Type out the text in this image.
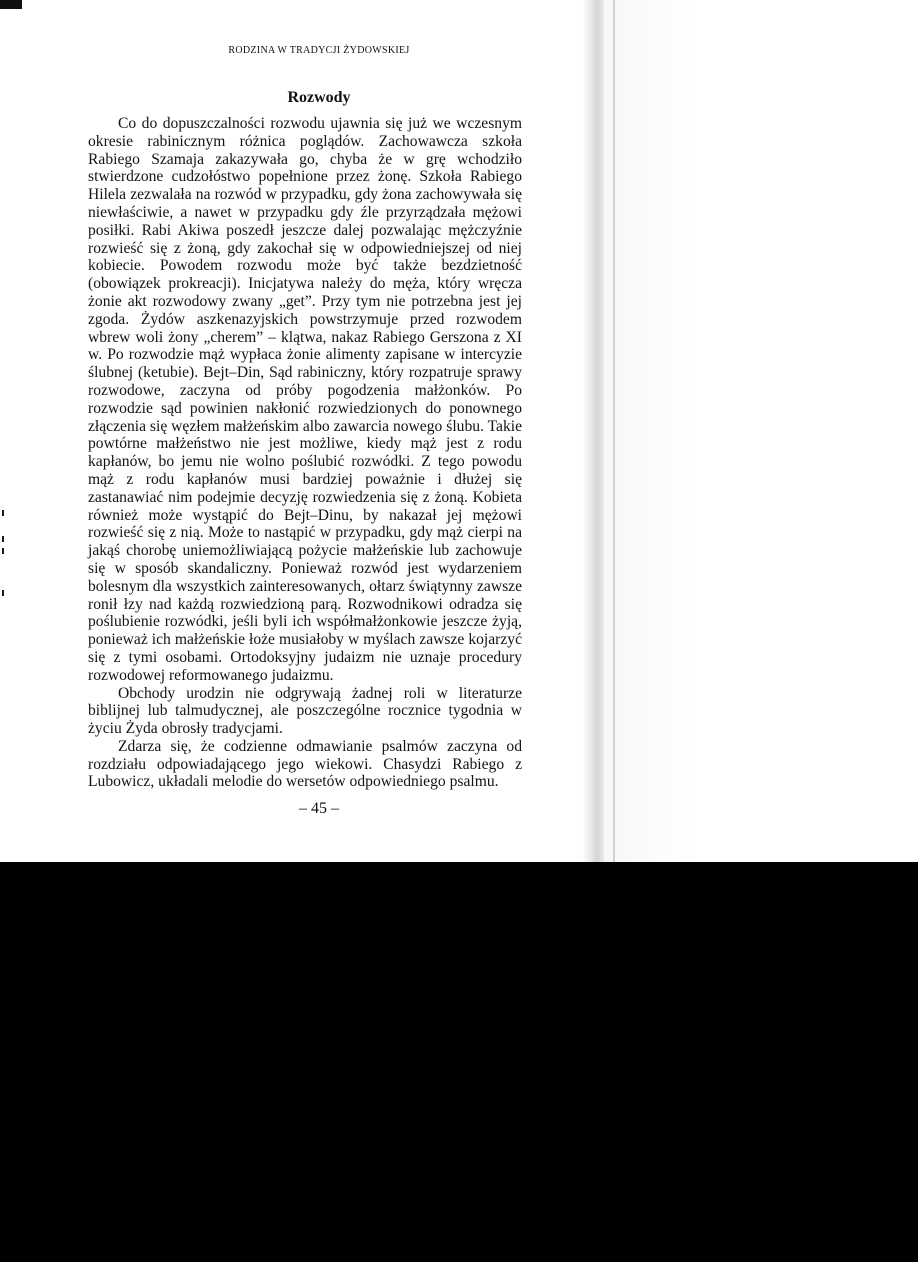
RODZINA W TRADYCJI ŻYDOWSKIEJ
Rozwody

Co do dopuszczalności rozwodu ujawnia się już we wczesnym okresie rabinicznym różnica poglądów. Zachowawcza szkoła Rabiego Szamaja zakazywała go, chyba że w grę wchodziło stwierdzone cudzołóstwo popełnione przez żonę. Szkoła Rabiego Hilela zezwalała na rozwód w przypadku, gdy żona zachowywała się niewłaściwie, a nawet w przypadku gdy źle przyrządzała mężowi posiłki. Rabi Akiwa poszedł jeszcze dalej pozwalając mężczyźnie rozwieść się z żoną, gdy zakochał się w odpowiedniejszej od niej kobiecie. Powodem rozwodu może być także bezdzietność (obowiązek prokreacji). Inicjatywa należy do męża, który wręcza żonie akt rozwodowy zwany „get”. Przy tym nie potrzebna jest jej zgoda. Żydów aszkenazyjskich powstrzymuje przed rozwodem wbrew woli żony „cherem” – klątwa, nakaz Rabiego Gerszona z XI w. Po rozwodzie mąż wypłaca żonie alimenty zapisane w intercyzie ślubnej (ketubie). Bejt–Din, Sąd rabiniczny, który rozpatruje sprawy rozwodowe, zaczyna od próby pogodzenia małżonków. Po rozwodzie sąd powinien nakłonić rozwiedzionych do ponownego złączenia się węzłem małżeńskim albo zawarcia nowego ślubu. Takie powtórne małżeństwo nie jest możliwe, kiedy mąż jest z rodu kapłanów, bo jemu nie wolno poślubić rozwódki. Z tego powodu mąż z rodu kapłanów musi bardziej poważnie i dłużej się zastanawiać nim podejmie decyzję rozwiedzenia się z żoną. Kobieta również może wystąpić do Bejt–Dinu, by nakazał jej mężowi rozwieść się z nią. Może to nastąpić w przypadku, gdy mąż cierpi na jakąś chorobę uniemożliwiającą pożycie małżeńskie lub zachowuje się w sposób skandaliczny. Ponieważ rozwód jest wydarzeniem bolesnym dla wszystkich zainteresowanych, ołtarz świątynny zawsze ronił łzy nad każdą rozwiedzioną parą. Rozwodnikowi odradza się poślubienie rozwódki, jeśli byli ich współmałżonkowie jeszcze żyją, ponieważ ich małżeńskie łoże musiałoby w myślach zawsze kojarzyć się z tymi osobami. Ortodoksyjny judaizm nie uznaje procedury rozwodowej reformowanego judaizmu.

Obchody urodzin nie odgrywają żadnej roli w literaturze biblijnej lub talmudycznej, ale poszczególne rocznice tygodnia w życiu Żyda obrosły tradycjami.

Zdarza się, że codzienne odmawianie psalmów zaczyna od rozdziału odpowiadającego jego wiekowi. Chasydzi Rabiego z Lubowicz, układali melodie do wersetów odpowiedniego psalmu.

– 45 –
